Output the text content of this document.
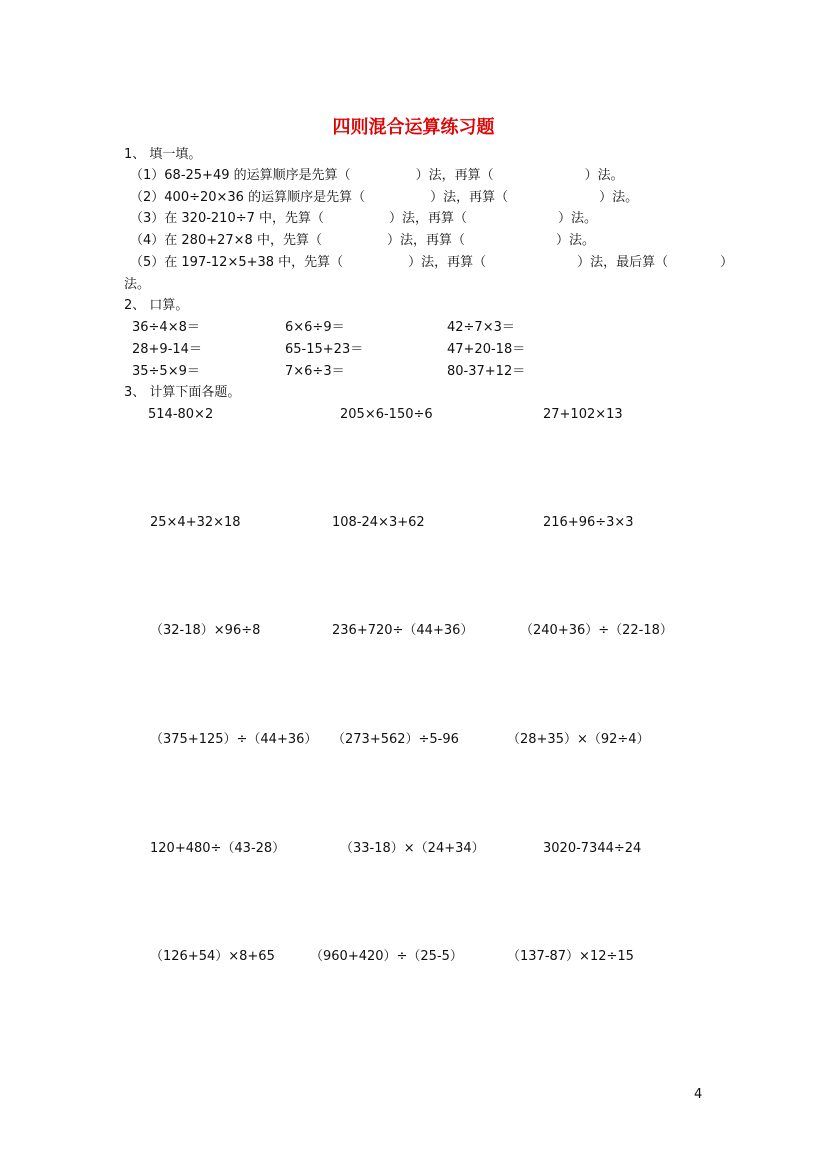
四则混合运算练习题
1、 填一填。
（1）68-25+49 的运算顺序是先算（　　　　　）法，再算（　　　　　　　）法。
（2）400÷20×36 的运算顺序是先算（　　　　　）法，再算（　　　　　　　）法。
（3）在 320-210÷7 中，先算（　　　　　）法，再算（　　　　　　　）法。
（4）在 280+27×8 中，先算（　　　　　）法，再算（　　　　　　　）法。
（5）在 197-12×5+38 中，先算（　　　　　）法，再算（　　　　　　　）法，最后算（　　　　）
法。
2、 口算。
36÷4×8＝	6×6÷9＝	42÷7×3＝
28+9-14＝	65-15+23＝	47+20-18＝
35÷5×9＝	7×6÷3＝	80-37+12＝
3、 计算下面各题。
514-80×2	205×6-150÷6	27+102×13
25×4+32×18	108-24×3+62	216+96÷3×3
（32-18）×96÷8	236+720÷（44+36）	（240+36）÷（22-18）
（375+125）÷（44+36） （273+562）÷5-96	（28+35）×（92÷4）
120+480÷（43-28）	（33-18）×（24+34）	3020-7344÷24
（126+54）×8+65	（960+420）÷（25-5）	（137-87）×12÷15
4
